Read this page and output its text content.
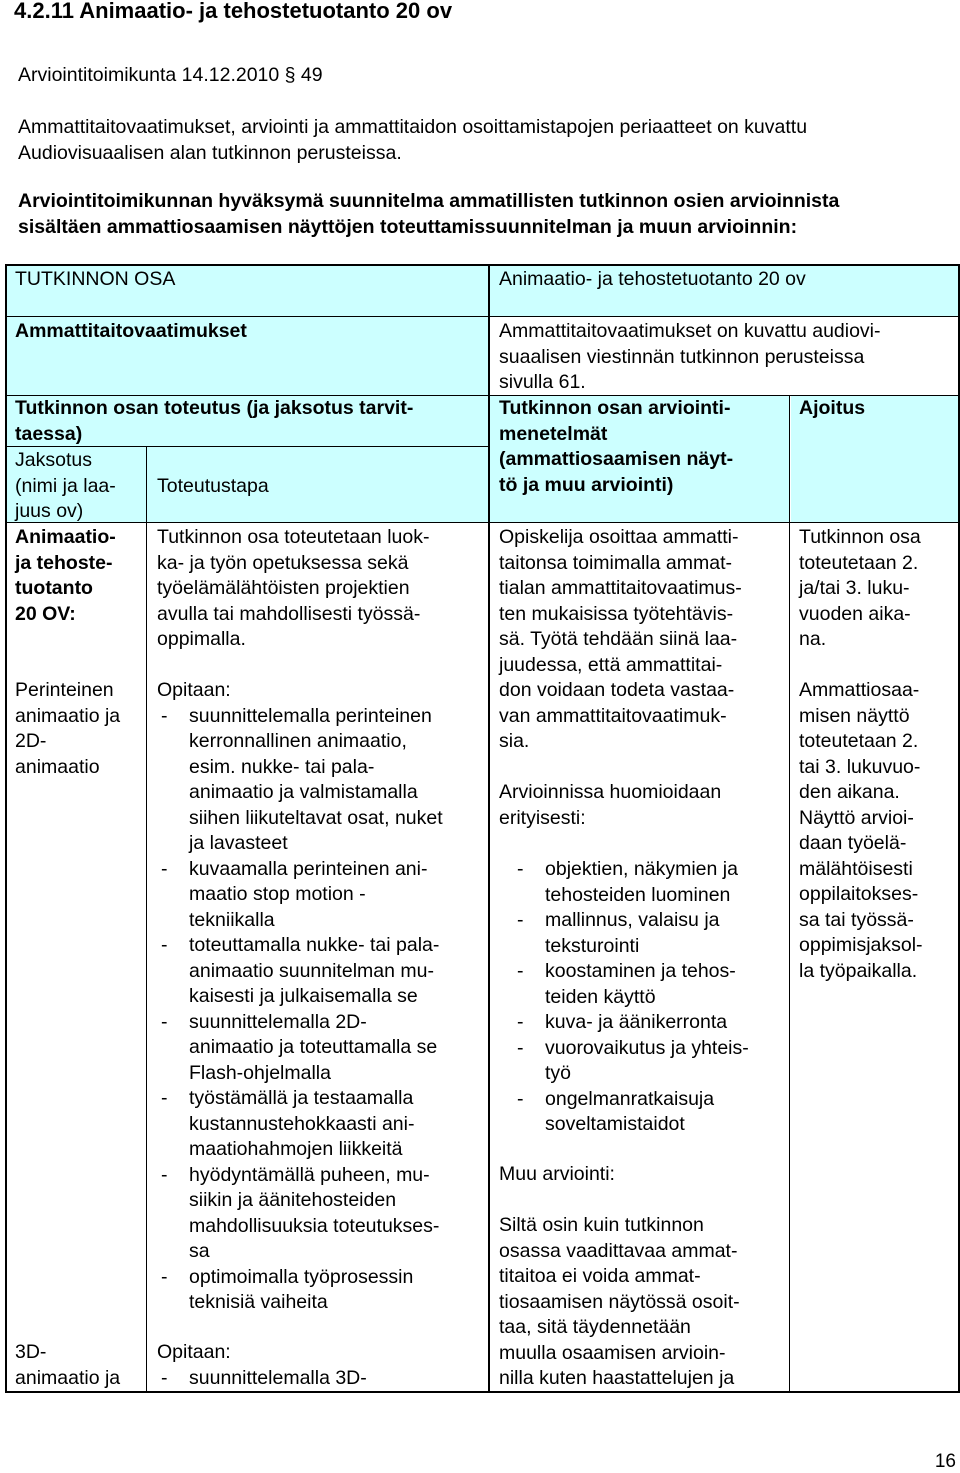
4.2.11 Animaatio- ja tehostetuotanto 20 ov
Arviointitoimikunta 14.12.2010 § 49
Ammattitaitovaatimukset, arviointi ja ammattitaidon osoittamistapojen periaatteet on kuvattu
Audiovisuaalisen alan tutkinnon perusteissa.
Arviointitoimikunnan hyväksymä suunnitelma ammatillisten tutkinnon osien arvioinnista
sisältäen ammattiosaamisen näyttöjen toteuttamissuunnitelman ja muun arvioinnin:
TUTKINNON OSA	Animaatio- ja tehostetuotanto 20 ov
Ammattitaitovaatimukset	Ammattitaitovaatimukset on kuvattu audiovi-
suaalisen viestinnän tutkinnon perusteissa
sivulla 61.
Tutkinnon osan toteutus (ja jaksotus tarvit-
taessa)
Tutkinnon osan arviointi-
menetelmät
(ammattiosaamisen näyt-
tö ja muu arviointi)
Ajoitus
Jaksotus
(nimi ja laa-
juus ov)
Toteutustapa
Animaatio-
ja tehoste-
tuotanto
20 OV:
Perinteinen
animaatio ja
2D-
animaatio
3D-
animaatio ja
Tutkinnon osa toteutetaan luok-
ka- ja työn opetuksessa sekä
työelämälähtöisten projektien
avulla tai mahdollisesti työssä-
oppimalla.
Opitaan:
- suunnittelemalla perinteinen
kerronnallinen animaatio,
esim. nukke- tai pala-
animaatio ja valmistamalla
siihen liikuteltavat osat, nuket
ja lavasteet
- kuvaamalla perinteinen ani-
maatio stop motion -
tekniikalla
- toteuttamalla nukke- tai pala-
animaatio suunnitelman mu-
kaisesti ja julkaisemalla se
- suunnittelemalla 2D-
animaatio ja toteuttamalla se
Flash-ohjelmalla
- työstämällä ja testaamalla
kustannustehokkaasti ani-
maatiohahmojen liikkeitä
- hyödyntämällä puheen, mu-
siikin ja äänitehosteiden
mahdollisuuksia toteutukses-
sa
- optimoimalla työprosessin
teknisiä vaiheita
Opitaan:
- suunnittelemalla 3D-
Opiskelija osoittaa ammatti-
taitonsa toimimalla ammat-
tialan ammattitaitovaatimus-
ten mukaisissa työtehtävis-
sä. Työtä tehdään siinä laa-
juudessa, että ammattitai-
don voidaan todeta vastaa-
van ammattitaitovaatimuk-
sia.
Arvioinnissa huomioidaan
erityisesti:
- objektien, näkymien ja
tehosteiden luominen
- mallinnus, valaisu ja
teksturointi
- koostaminen ja tehos-
teiden käyttö
- kuva- ja äänikerronta
- vuorovaikutus ja yhteis-
työ
- ongelmanratkaisuja
soveltamistaidot
Muu arviointi:
Siltä osin kuin tutkinnon
osassa vaadittavaa ammat-
titaitoa ei voida ammat-
tiosaamisen näytössä osoit-
taa, sitä täydennetään
muulla osaamisen arvioin-
nilla kuten haastattelujen ja
Tutkinnon osa
toteutetaan 2.
ja/tai 3. luku-
vuoden aika-
na.
Ammattiosaa-
misen näyttö
toteutetaan 2.
tai 3. lukuvuo-
den aikana.
Näyttö arvioi-
daan työelä-
mälähtöisesti
oppilaitokses-
sa tai työssä-
oppimisjaksol-
la työpaikalla.
16
